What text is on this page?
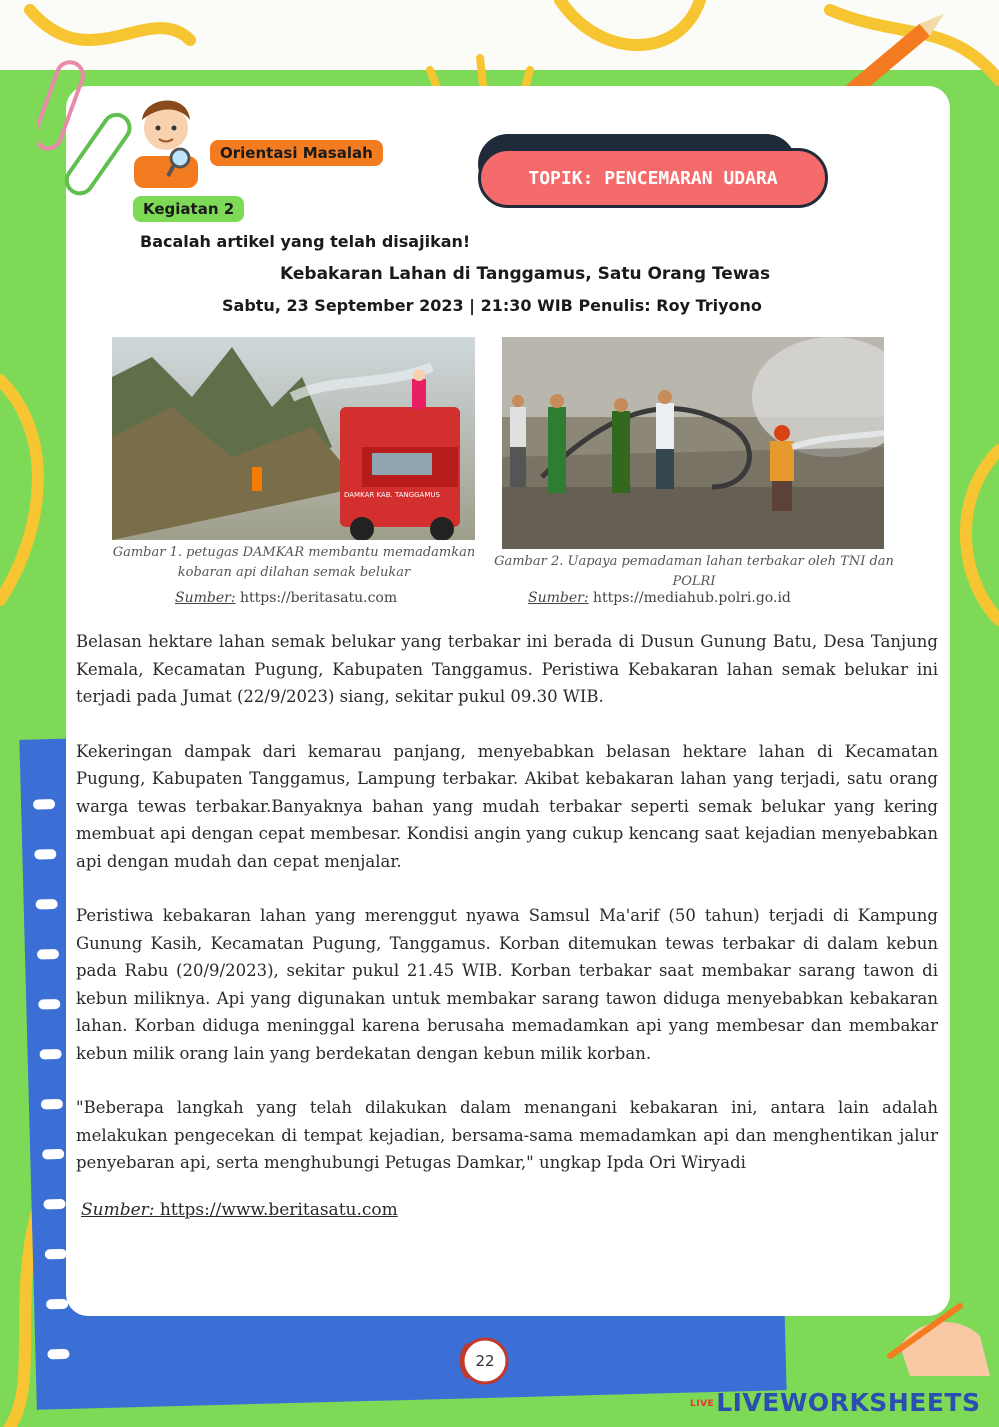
Orientasi Masalah
Kegiatan 2
TOPIK: PENCEMARAN UDARA
Bacalah artikel yang telah disajikan!
Kebakaran Lahan di Tanggamus, Satu Orang Tewas
Sabtu, 23 September 2023 | 21:30 WIB Penulis: Roy Triyono
DAMKAR KAB. TANGGAMUS
Gambar 1. petugas DAMKAR membantu memadamkan kobaran api dilahan semak belukar
Gambar 2. Uapaya pemadaman lahan terbakar oleh TNI dan POLRI
Sumber: https://beritasatu.com	Sumber: https://mediahub.polri.go.id

Belasan hektare lahan semak belukar yang terbakar ini berada di Dusun Gunung Batu, Desa Tanjung Kemala, Kecamatan Pugung, Kabupaten Tanggamus. Peristiwa Kebakaran lahan semak belukar ini terjadi pada Jumat (22/9/2023) siang, sekitar pukul 09.30 WIB.

Kekeringan dampak dari kemarau panjang, menyebabkan belasan hektare lahan di Kecamatan Pugung, Kabupaten Tanggamus, Lampung terbakar. Akibat kebakaran lahan yang terjadi, satu orang warga tewas terbakar.Banyaknya bahan yang mudah terbakar seperti semak belukar yang kering membuat api dengan cepat membesar. Kondisi angin yang cukup kencang saat kejadian menyebabkan api dengan mudah dan cepat menjalar.

Peristiwa kebakaran lahan yang merenggut nyawa Samsul Ma'arif (50 tahun) terjadi di Kampung Gunung Kasih, Kecamatan Pugung, Tanggamus. Korban ditemukan tewas terbakar di dalam kebun pada Rabu (20/9/2023), sekitar pukul 21.45 WIB. Korban terbakar saat membakar sarang tawon di kebun miliknya. Api yang digunakan untuk membakar sarang tawon diduga menyebabkan kebakaran lahan. Korban diduga meninggal karena berusaha memadamkan api yang membesar dan membakar kebun milik orang lain yang berdekatan dengan kebun milik korban.

"Beberapa langkah yang telah dilakukan dalam menangani kebakaran ini, antara lain adalah melakukan pengecekan di tempat kejadian, bersama-sama memadamkan api dan menghentikan jalur penyebaran api, serta menghubungi Petugas Damkar," ungkap Ipda Ori Wiryadi

Sumber: https://www.beritasatu.com
22
LIVELIVEWORKSHEETS
